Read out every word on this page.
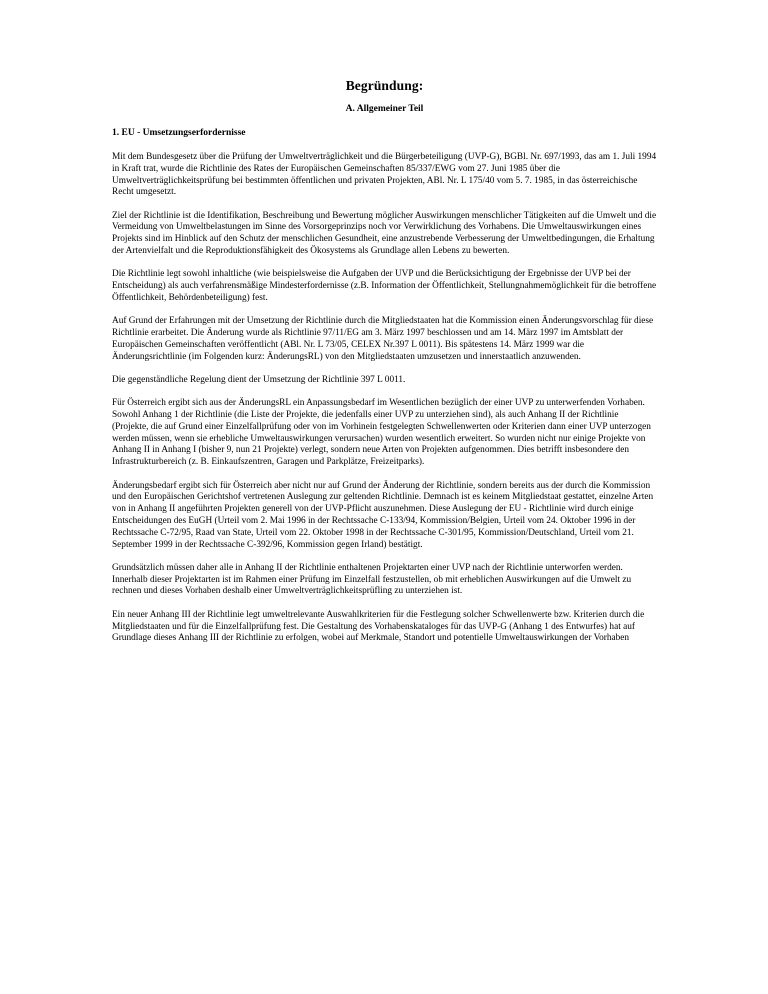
Begründung:
A. Allgemeiner Teil
1. EU - Umsetzungserfordernisse

Mit dem Bundesgesetz über die Prüfung der Umweltverträglichkeit und die Bürgerbeteiligung (UVP-G), BGBl. Nr. 697/1993, das am 1. Juli 1994 in Kraft trat, wurde die Richtlinie des Rates der Europäischen Gemeinschaften 85/337/EWG vom 27. Juni 1985 über die Umweltverträglichkeitsprüfung bei bestimmten öffentlichen und privaten Projekten, ABl. Nr. L 175/40 vom 5. 7. 1985, in das österreichische Recht umgesetzt.

Ziel der Richtlinie ist die Identifikation, Beschreibung und Bewertung möglicher Auswirkungen menschlicher Tätigkeiten auf die Umwelt und die Vermeidung von Umweltbelastungen im Sinne des Vorsorgeprinzips noch vor Verwirklichung des Vorhabens. Die Umweltauswirkungen eines Projekts sind im Hinblick auf den Schutz der menschlichen Gesundheit, eine anzustrebende Verbesserung der Umweltbedingungen, die Erhaltung der Artenvielfalt und die Reproduktionsfähigkeit des Ökosystems als Grundlage allen Lebens zu bewerten.

Die Richtlinie legt sowohl inhaltliche (wie beispielsweise die Aufgaben der UVP und die Berücksichtigung der Ergebnisse der UVP bei der Entscheidung) als auch verfahrensmäßige Mindesterfordernisse (z.B. Information der Öffentlichkeit, Stellungnahmemöglichkeit für die betroffene Öffentlichkeit, Behördenbeteiligung) fest.

Auf Grund der Erfahrungen mit der Umsetzung der Richtlinie durch die Mitgliedstaaten hat die Kommission einen Änderungsvorschlag für diese Richtlinie erarbeitet. Die Änderung wurde als Richtlinie 97/11/EG am 3. März 1997 beschlossen und am 14. März 1997 im Amtsblatt der Europäischen Gemeinschaften veröffentlicht (ABl. Nr. L 73/05, CELEX Nr.397 L 0011). Bis spätestens 14. März 1999 war die Änderungsrichtlinie (im Folgenden kurz: ÄnderungsRL) von den Mitgliedstaaten umzusetzen und innerstaatlich anzuwenden.

Die gegenständliche Regelung dient der Umsetzung der Richtlinie 397 L 0011.

Für Österreich ergibt sich aus der ÄnderungsRL ein Anpassungsbedarf im Wesentlichen bezüglich der einer UVP zu unterwerfenden Vorhaben. Sowohl Anhang 1 der Richtlinie (die Liste der Projekte, die jedenfalls einer UVP zu unterziehen sind), als auch Anhang II der Richtlinie (Projekte, die auf Grund einer Einzelfallprüfung oder von im Vorhinein festgelegten Schwellenwerten oder Kriterien dann einer UVP unterzogen werden müssen, wenn sie erhebliche Umweltauswirkungen verursachen) wurden wesentlich erweitert. So wurden nicht nur einige Projekte von Anhang II in Anhang I (bisher 9, nun 21 Projekte) verlegt, sondern neue Arten von Projekten aufgenommen. Dies betrifft insbesondere den Infrastrukturbereich (z. B. Einkaufszentren, Garagen und Parkplätze, Freizeitparks).

Änderungsbedarf ergibt sich für Österreich aber nicht nur auf Grund der Änderung der Richtlinie, sondern bereits aus der durch die Kommission und den Europäischen Gerichtshof vertretenen Auslegung zur geltenden Richtlinie. Demnach ist es keinem Mitgliedstaat gestattet, einzelne Arten von in Anhang II angeführten Projekten generell von der UVP-Pflicht auszunehmen. Diese Auslegung der EU - Richtlinie wird durch einige Entscheidungen des EuGH (Urteil vom 2. Mai 1996 in der Rechtssache C-133/94, Kommission/Belgien, Urteil vom 24. Oktober 1996 in der Rechtssache C-72/95, Raad van State, Urteil vom 22. Oktober 1998 in der Rechtssache C-301/95, Kommission/Deutschland, Urteil vom 21. September 1999 in der Rechtssache C-392/96, Kommission gegen Irland) bestätigt.

Grundsätzlich müssen daher alle in Anhang II der Richtlinie enthaltenen Projektarten einer UVP nach der Richtlinie unterworfen werden. Innerhalb dieser Projektarten ist im Rahmen einer Prüfung im Einzelfall festzustellen, ob mit erheblichen Auswirkungen auf die Umwelt zu rechnen und dieses Vorhaben deshalb einer Umweltverträglichkeitsprüfling zu unterziehen ist.

Ein neuer Anhang III der Richtlinie legt umweltrelevante Auswahlkriterien für die Festlegung solcher Schwellenwerte bzw. Kriterien durch die Mitgliedstaaten und für die Einzelfallprüfung fest. Die Gestaltung des Vorhabenskataloges für das UVP-G (Anhang 1 des Entwurfes) hat auf Grundlage dieses Anhang III der Richtlinie zu erfolgen, wobei auf Merkmale, Standort und potentielle Umweltauswirkungen der Vorhaben
